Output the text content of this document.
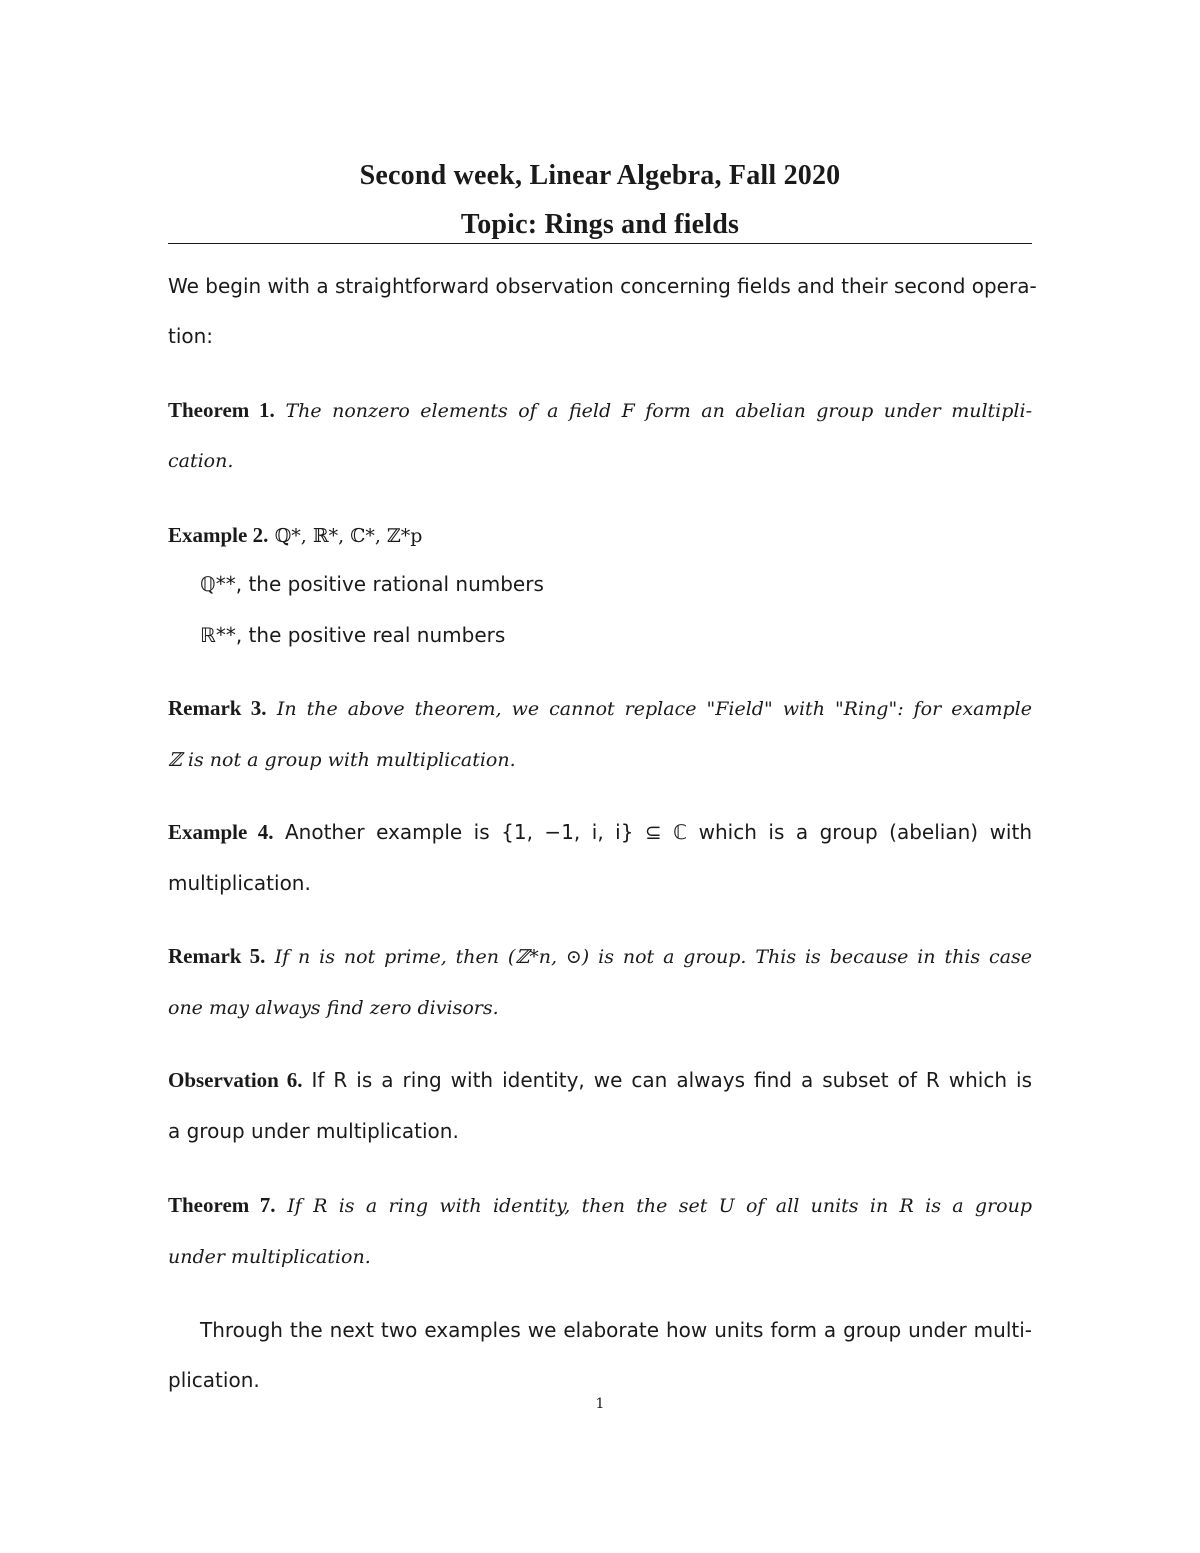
Second week, Linear Algebra, Fall 2020
Topic: Rings and fields
We begin with a straightforward observation concerning fields and their second opera-
tion:
Theorem 1. The nonzero elements of a field F form an abelian group under multipli-
cation.
Example 2. ℚ*, ℝ*, ℂ*, ℤ*p
ℚ**, the positive rational numbers
ℝ**, the positive real numbers
Remark 3. In the above theorem, we cannot replace "Field" with "Ring": for example
ℤ is not a group with multiplication.
Example 4. Another example is {1, −1, i, i} ⊆ ℂ which is a group (abelian) with
multiplication.
Remark 5. If n is not prime, then (ℤ*n, ⊙) is not a group. This is because in this case
one may always find zero divisors.
Observation 6. If R is a ring with identity, we can always find a subset of R which is
a group under multiplication.
Theorem 7. If R is a ring with identity, then the set U of all units in R is a group
under multiplication.
Through the next two examples we elaborate how units form a group under multi-
plication.
1
